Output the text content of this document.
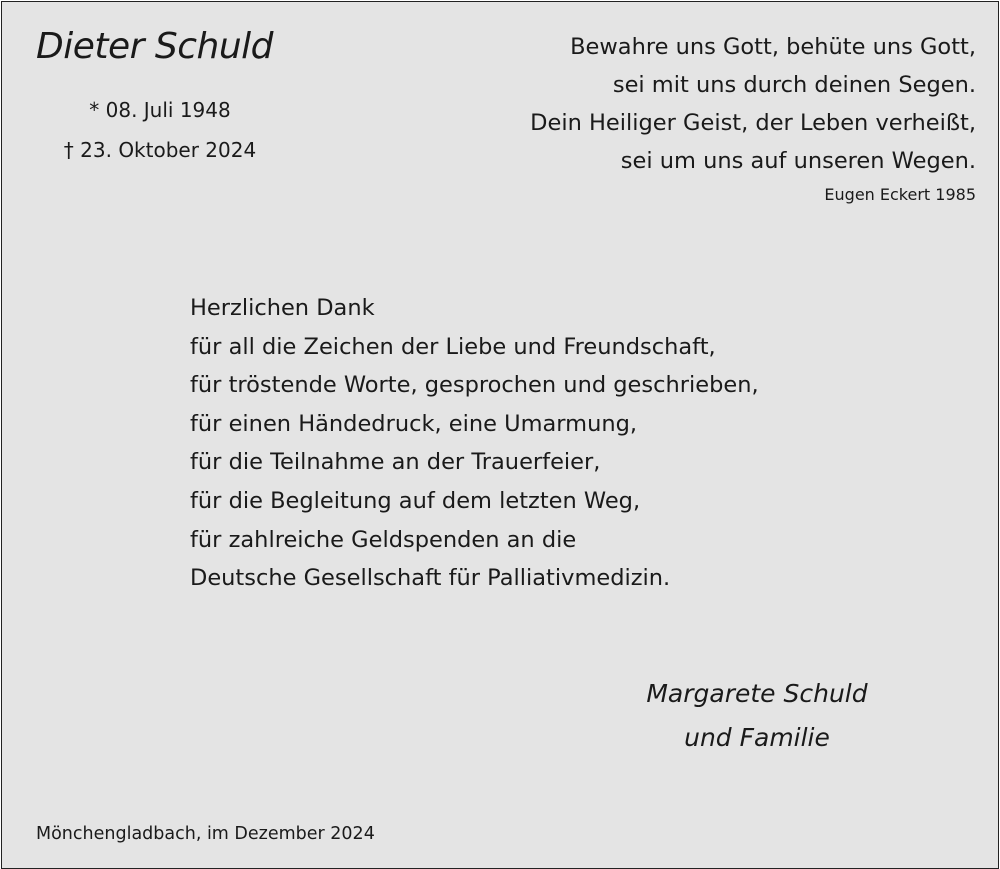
Dieter Schuld
* 08. Juli 1948
† 23. Oktober 2024
Bewahre uns Gott, behüte uns Gott,
sei mit uns durch deinen Segen.
Dein Heiliger Geist, der Leben verheißt,
sei um uns auf unseren Wegen.
Eugen Eckert 1985
Herzlichen Dank
für all die Zeichen der Liebe und Freundschaft,
für tröstende Worte, gesprochen und geschrieben,
für einen Händedruck, eine Umarmung,
für die Teilnahme an der Trauerfeier,
für die Begleitung auf dem letzten Weg,
für zahlreiche Geldspenden an die
Deutsche Gesellschaft für Palliativmedizin.
Margarete Schuld
und Familie
Mönchengladbach, im Dezember 2024
